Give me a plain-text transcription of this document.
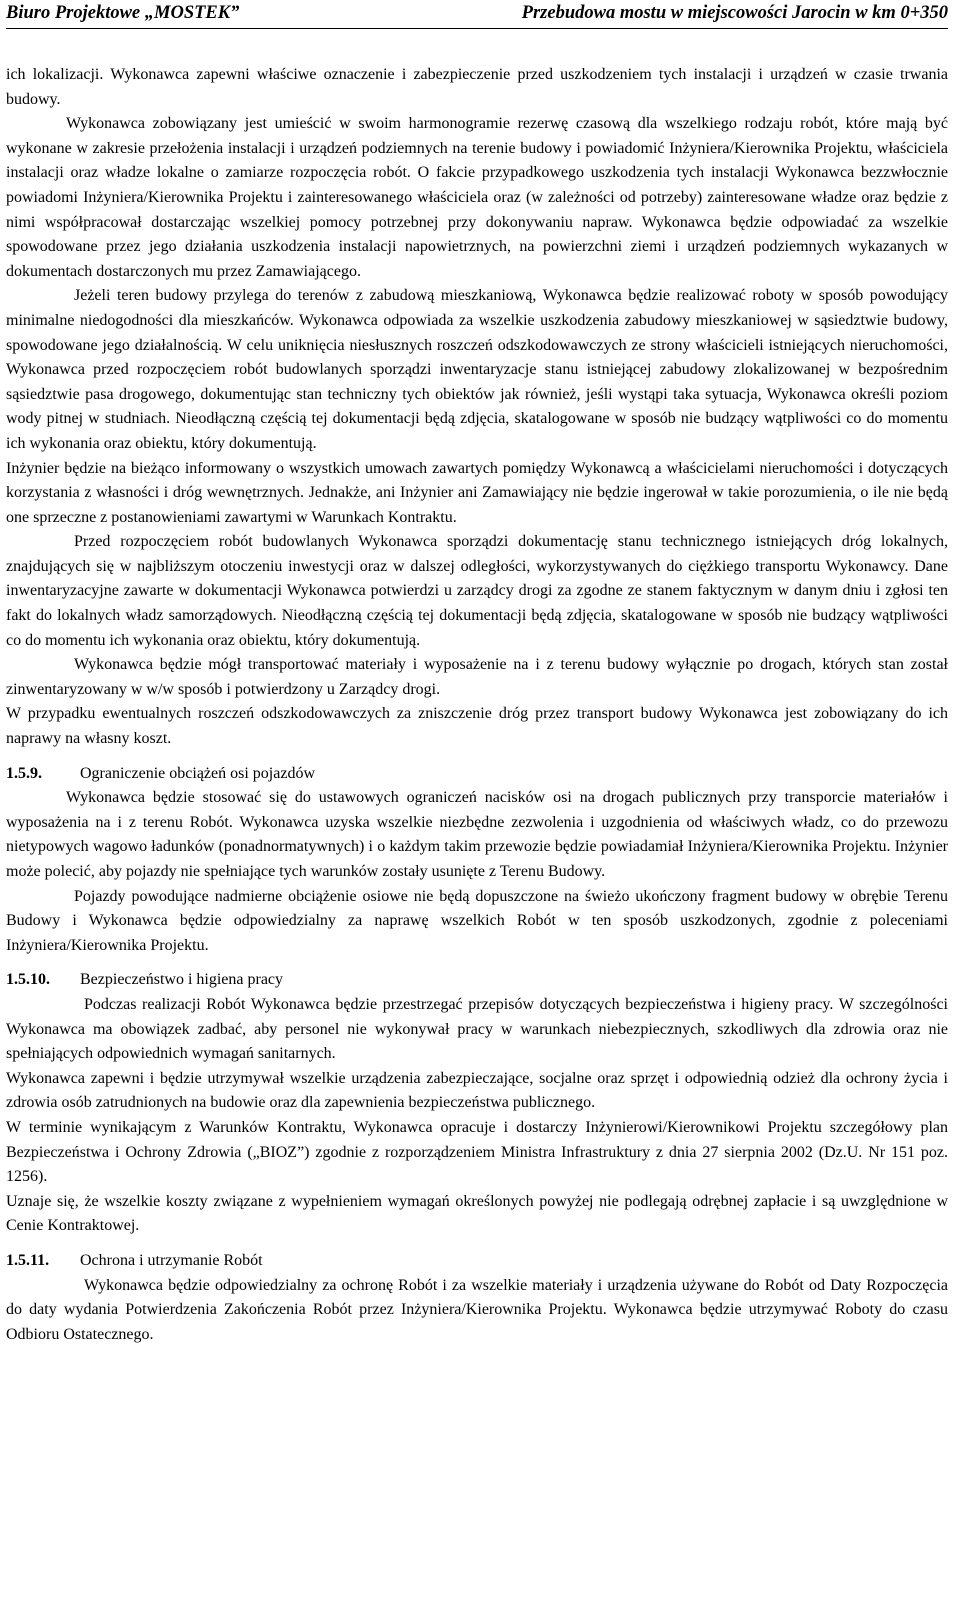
Biuro Projektowe „MOSTEK”	Przebudowa mostu w miejscowości Jarocin w km 0+350

ich lokalizacji. Wykonawca zapewni właściwe oznaczenie i zabezpieczenie przed uszkodzeniem tych instalacji i urządzeń w czasie trwania budowy.

Wykonawca zobowiązany jest umieścić w swoim harmonogramie rezerwę czasową dla wszelkiego rodzaju robót, które mają być wykonane w zakresie przełożenia instalacji i urządzeń podziemnych na terenie budowy i powiadomić Inżyniera/Kierownika Projektu, właściciela instalacji oraz władze lokalne o zamiarze rozpoczęcia robót. O fakcie przypadkowego uszkodzenia tych instalacji Wykonawca bezzwłocznie powiadomi Inżyniera/Kierownika Projektu i zainteresowanego właściciela oraz (w zależności od potrzeby) zainteresowane władze oraz będzie z nimi współpracował dostarczając wszelkiej pomocy potrzebnej przy dokonywaniu napraw. Wykonawca będzie odpowiadać za wszelkie spowodowane przez jego działania uszkodzenia instalacji napowietrznych, na powierzchni ziemi i urządzeń podziemnych wykazanych w dokumentach dostarczonych mu przez Zamawiającego.

Jeżeli teren budowy przylega do terenów z zabudową mieszkaniową, Wykonawca będzie realizować roboty w sposób powodujący minimalne niedogodności dla mieszkańców. Wykonawca odpowiada za wszelkie uszkodzenia zabudowy mieszkaniowej w sąsiedztwie budowy, spowodowane jego działalnością. W celu uniknięcia niesłusznych roszczeń odszkodowawczych ze strony właścicieli istniejących nieruchomości, Wykonawca przed rozpoczęciem robót budowlanych sporządzi inwentaryzacje stanu istniejącej zabudowy zlokalizowanej w bezpośrednim sąsiedztwie pasa drogowego, dokumentując stan techniczny tych obiektów jak również, jeśli wystąpi taka sytuacja, Wykonawca określi poziom wody pitnej w studniach. Nieodłączną częścią tej dokumentacji będą zdjęcia, skatalogowane w sposób nie budzący wątpliwości co do momentu ich wykonania oraz obiektu, który dokumentują.

Inżynier będzie na bieżąco informowany o wszystkich umowach zawartych pomiędzy Wykonawcą a właścicielami nieruchomości i dotyczących korzystania z własności i dróg wewnętrznych. Jednakże, ani Inżynier ani Zamawiający nie będzie ingerował w takie porozumienia, o ile nie będą one sprzeczne z postanowieniami zawartymi w Warunkach Kontraktu.

Przed rozpoczęciem robót budowlanych Wykonawca sporządzi dokumentację stanu technicznego istniejących dróg lokalnych, znajdujących się w najbliższym otoczeniu inwestycji oraz w dalszej odległości, wykorzystywanych do ciężkiego transportu Wykonawcy. Dane inwentaryzacyjne zawarte w dokumentacji Wykonawca potwierdzi u zarządcy drogi za zgodne ze stanem faktycznym w danym dniu i zgłosi ten fakt do lokalnych władz samorządowych. Nieodłączną częścią tej dokumentacji będą zdjęcia, skatalogowane w sposób nie budzący wątpliwości co do momentu ich wykonania oraz obiektu, który dokumentują.

Wykonawca będzie mógł transportować materiały i wyposażenie na i z terenu budowy wyłącznie po drogach, których stan został zinwentaryzowany w w/w sposób i potwierdzony u Zarządcy drogi.

W przypadku ewentualnych roszczeń odszkodowawczych za zniszczenie dróg przez transport budowy Wykonawca jest zobowiązany do ich naprawy na własny koszt.

1.5.9.	Ograniczenie obciążeń osi pojazdów

Wykonawca będzie stosować się do ustawowych ograniczeń nacisków osi na drogach publicznych przy transporcie materiałów i wyposażenia na i z terenu Robót. Wykonawca uzyska wszelkie niezbędne zezwolenia i uzgodnienia od właściwych władz, co do przewozu nietypowych wagowo ładunków (ponadnormatywnych) i o każdym takim przewozie będzie powiadamiał Inżyniera/Kierownika Projektu. Inżynier może polecić, aby pojazdy nie spełniające tych warunków zostały usunięte z Terenu Budowy.

Pojazdy powodujące nadmierne obciążenie osiowe nie będą dopuszczone na świeżo ukończony fragment budowy w obrębie Terenu Budowy i Wykonawca będzie odpowiedzialny za naprawę wszelkich Robót w ten sposób uszkodzonych, zgodnie z poleceniami Inżyniera/Kierownika Projektu.

1.5.10.	Bezpieczeństwo i higiena pracy

Podczas realizacji Robót Wykonawca będzie przestrzegać przepisów dotyczących bezpieczeństwa i higieny pracy. W szczególności Wykonawca ma obowiązek zadbać, aby personel nie wykonywał pracy w warunkach niebezpiecznych, szkodliwych dla zdrowia oraz nie spełniających odpowiednich wymagań sanitarnych.

Wykonawca zapewni i będzie utrzymywał wszelkie urządzenia zabezpieczające, socjalne oraz sprzęt i odpowiednią odzież dla ochrony życia i zdrowia osób zatrudnionych na budowie oraz dla zapewnienia bezpieczeństwa publicznego.

W terminie wynikającym z Warunków Kontraktu, Wykonawca opracuje i dostarczy Inżynierowi/Kierownikowi Projektu szczegółowy plan Bezpieczeństwa i Ochrony Zdrowia („BIOZ”) zgodnie z rozporządzeniem Ministra Infrastruktury z dnia 27 sierpnia 2002 (Dz.U. Nr 151 poz. 1256).

Uznaje się, że wszelkie koszty związane z wypełnieniem wymagań określonych powyżej nie podlegają odrębnej zapłacie i są uwzględnione w Cenie Kontraktowej.

1.5.11.	Ochrona i utrzymanie Robót

Wykonawca będzie odpowiedzialny za ochronę Robót i za wszelkie materiały i urządzenia używane do Robót od Daty Rozpoczęcia do daty wydania Potwierdzenia Zakończenia Robót przez Inżyniera/Kierownika Projektu. Wykonawca będzie utrzymywać Roboty do czasu Odbioru Ostatecznego.
